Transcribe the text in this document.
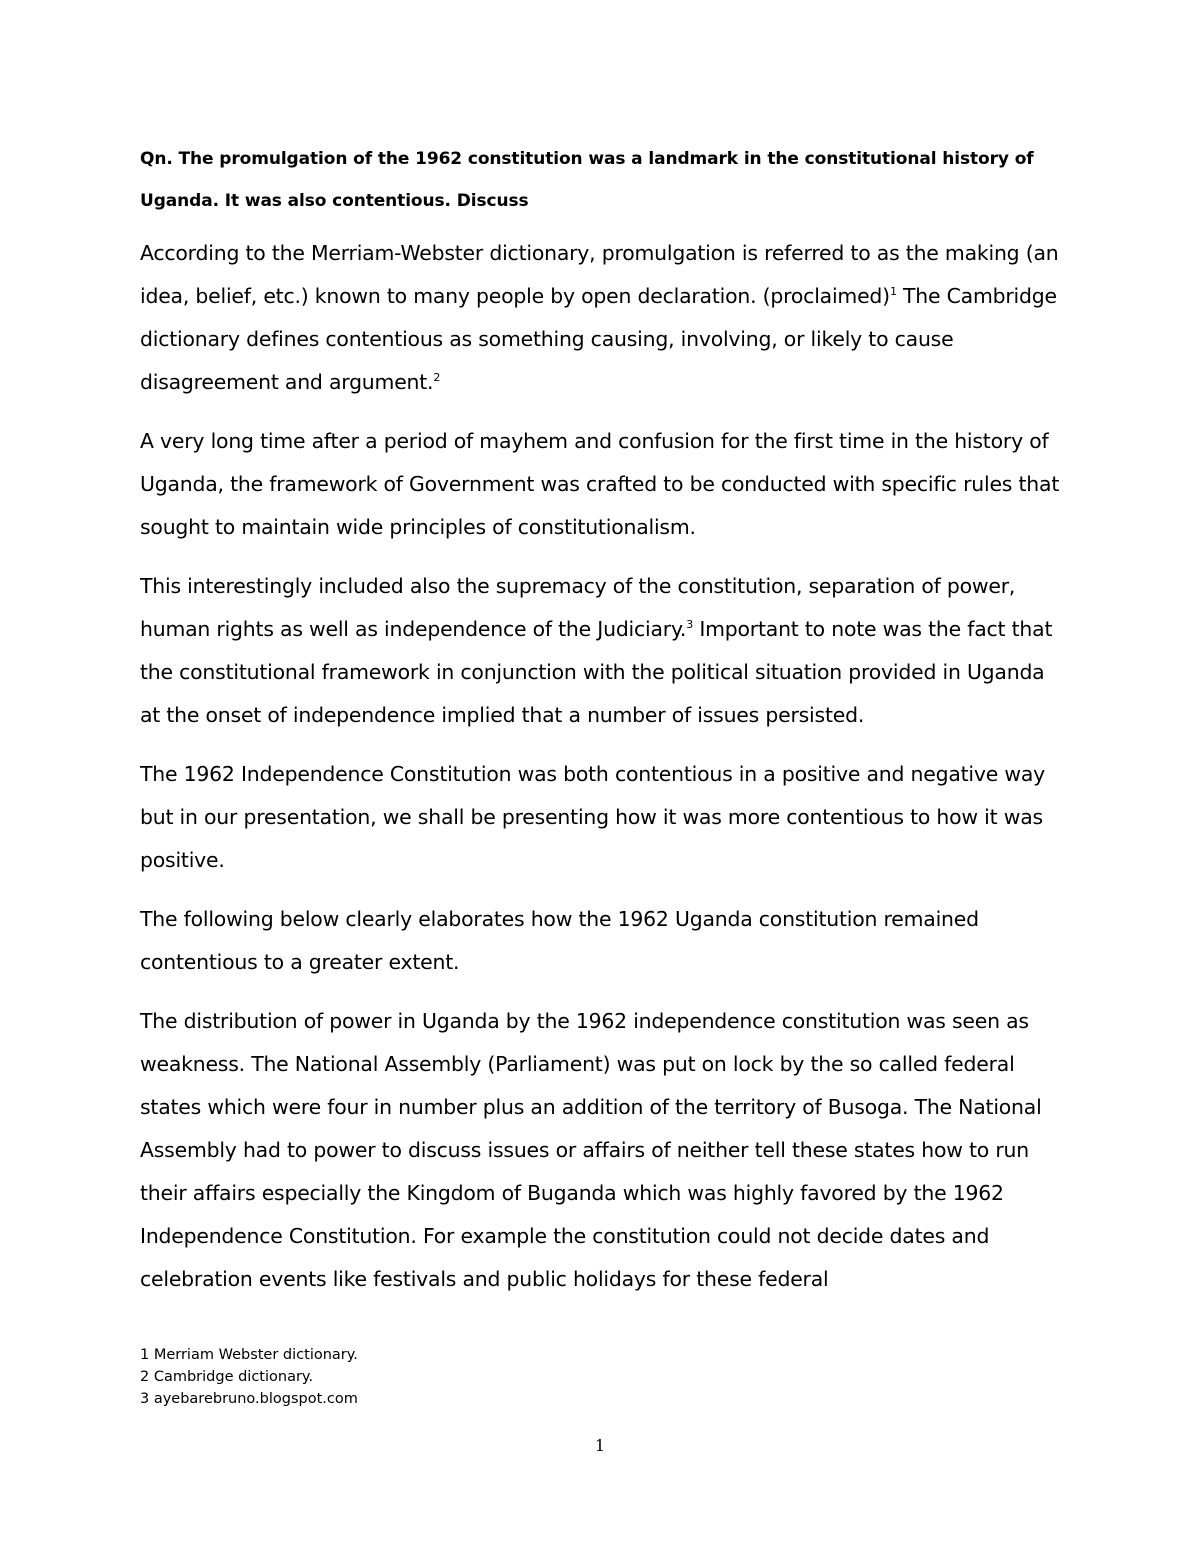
Qn. The promulgation of the 1962 constitution was a landmark in the constitutional history of Uganda. It was also contentious. Discuss

According to the Merriam-Webster dictionary, promulgation is referred to as the making (an idea, belief, etc.) known to many people by open declaration. (proclaimed)$^1$ The Cambridge dictionary defines contentious as something causing, involving, or likely to cause disagreement and argument.$^2$

A very long time after a period of mayhem and confusion for the first time in the history of Uganda, the framework of Government was crafted to be conducted with specific rules that sought to maintain wide principles of constitutionalism.

This interestingly included also the supremacy of the constitution, separation of power, human rights as well as independence of the Judiciary.$^3$ Important to note was the fact that the constitutional framework in conjunction with the political situation provided in Uganda at the onset of independence implied that a number of issues persisted.

The 1962 Independence Constitution was both contentious in a positive and negative way but in our presentation, we shall be presenting how it was more contentious to how it was positive.

The following below clearly elaborates how the 1962 Uganda constitution remained contentious to a greater extent.

The distribution of power in Uganda by the 1962 independence constitution was seen as weakness. The National Assembly (Parliament) was put on lock by the so called federal states which were four in number plus an addition of the territory of Busoga. The National Assembly had to power to discuss issues or affairs of neither tell these states how to run their affairs especially the Kingdom of Buganda which was highly favored by the 1962 Independence Constitution. For example the constitution could not decide dates and celebration events like festivals and public holidays for these federal

1 Merriam Webster dictionary.

2 Cambridge dictionary.

3 ayebarebruno.blogspot.com

1
